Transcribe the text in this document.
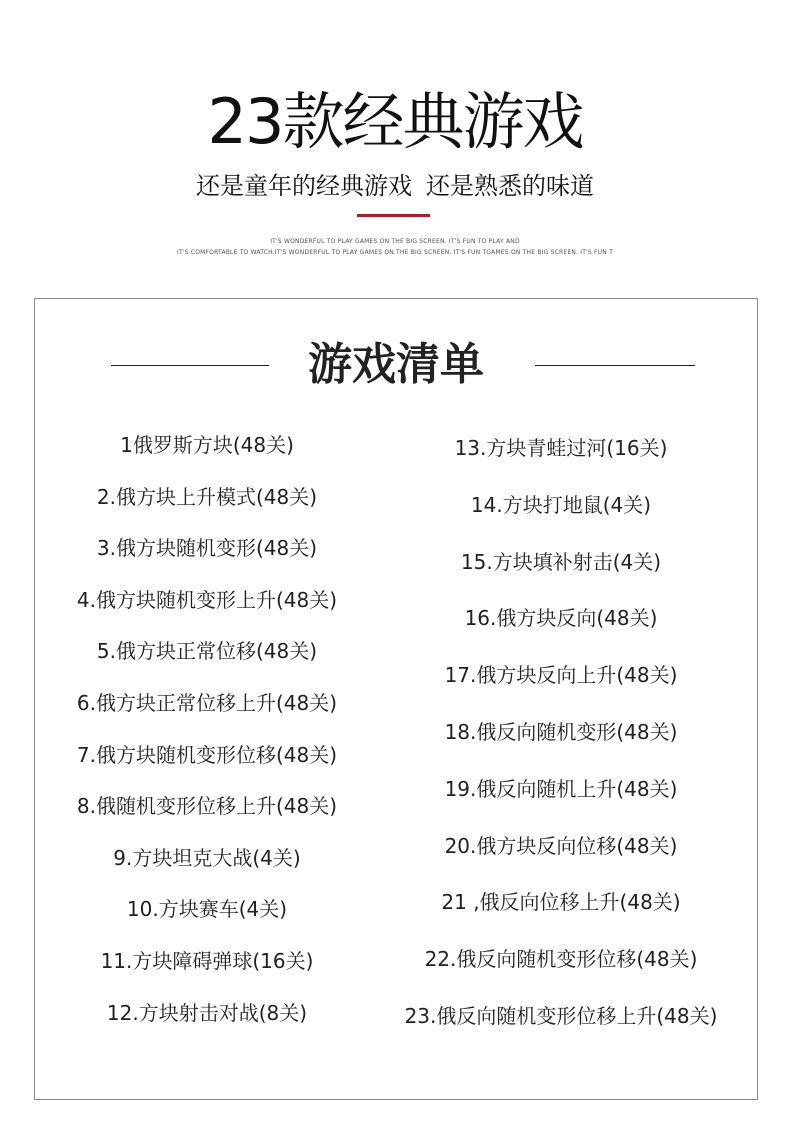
23款经典游戏
还是童年的经典游戏 还是熟悉的味道
IT'S WONDERFUL TO PLAY GAMES ON THE BIG SCREEN. IT'S FUN TO PLAY AND
IT'S COMFORTABLE TO WATCH.IT'S WONDERFUL TO PLAY GAMES ON THE BIG SCREEN. IT'S FUN TGAMES ON THE BIG SCREEN. IT'S FUN T
游戏清单
1俄罗斯方块(48关)
2.俄方块上升模式(48关)
3.俄方块随机变形(48关)
4.俄方块随机变形上升(48关)
5.俄方块正常位移(48关)
6.俄方块正常位移上升(48关)
7.俄方块随机变形位移(48关)
8.俄随机变形位移上升(48关)
9.方块坦克大战(4关)
10.方块赛车(4关)
11.方块障碍弹球(16关)
12.方块射击对战(8关)
13.方块青蛙过河(16关)
14.方块打地鼠(4关)
15.方块填补射击(4关)
16.俄方块反向(48关)
17.俄方块反向上升(48关)
18.俄反向随机变形(48关)
19.俄反向随机上升(48关)
20.俄方块反向位移(48关)
21 ,俄反向位移上升(48关)
22.俄反向随机变形位移(48关)
23.俄反向随机变形位移上升(48关)
